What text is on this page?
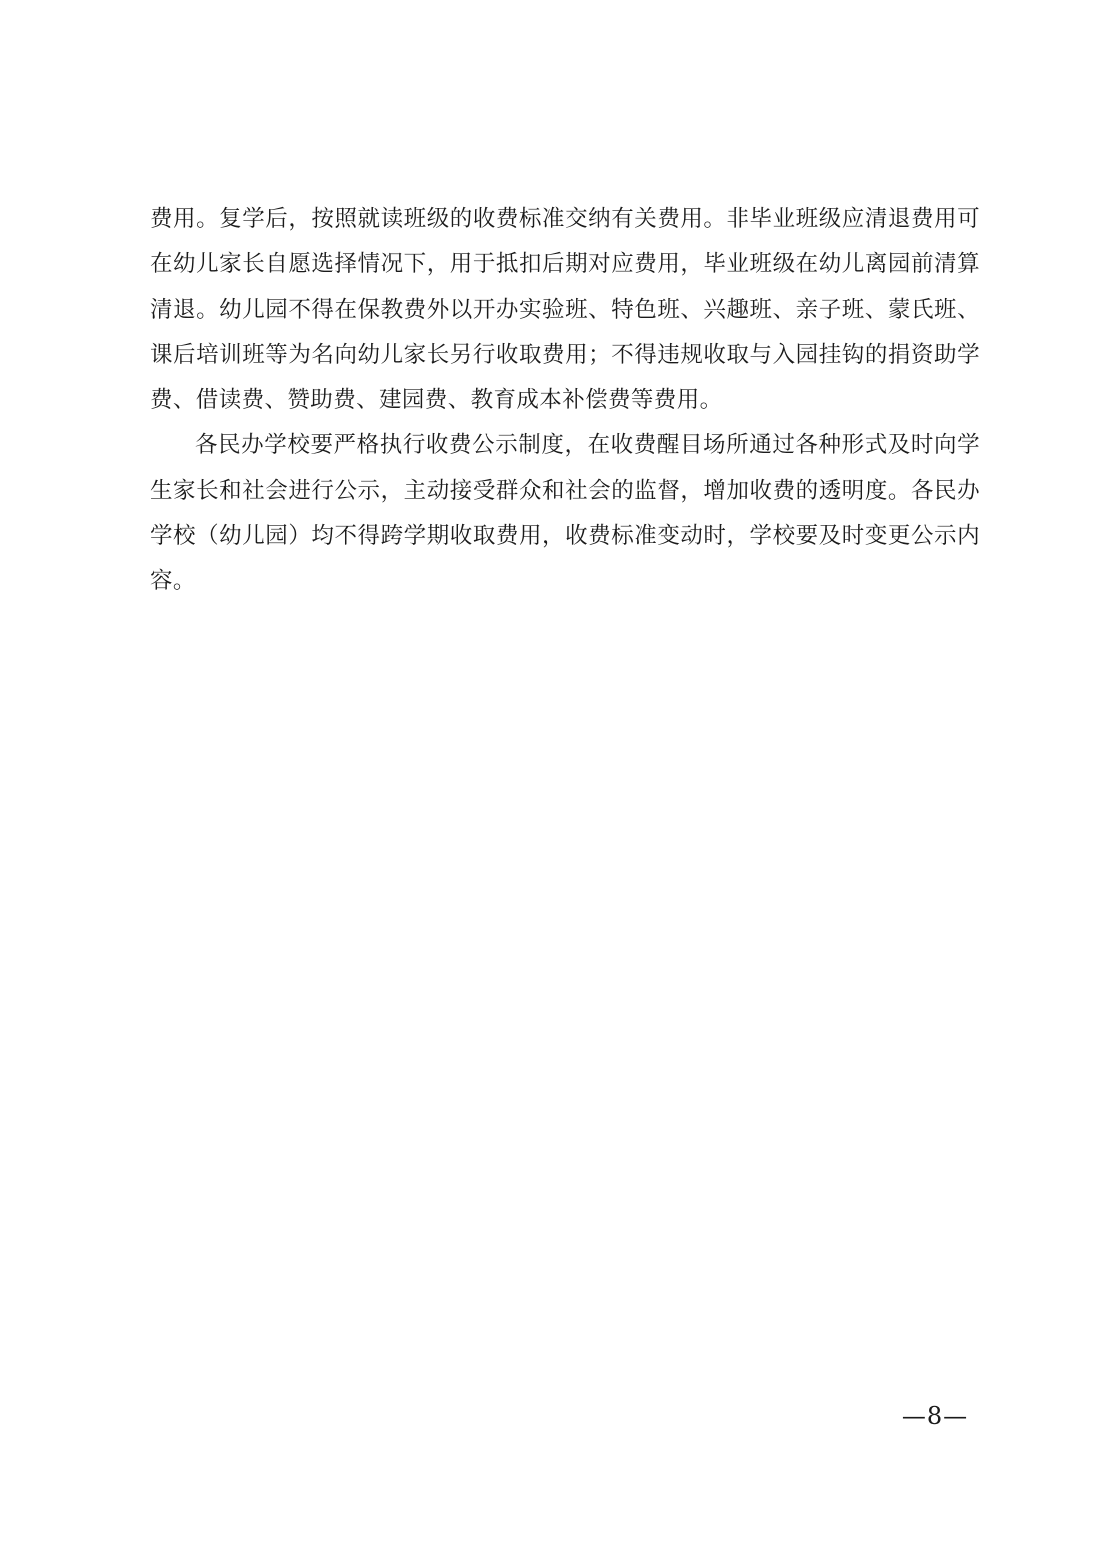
费用。复学后，按照就读班级的收费标准交纳有关费用。非毕业班级应清退费用可在幼儿家长自愿选择情况下，用于抵扣后期对应费用，毕业班级在幼儿离园前清算清退。幼儿园不得在保教费外以开办实验班、特色班、兴趣班、亲子班、蒙氏班、课后培训班等为名向幼儿家长另行收取费用；不得违规收取与入园挂钩的捐资助学费、借读费、赞助费、建园费、教育成本补偿费等费用。

各民办学校要严格执行收费公示制度，在收费醒目场所通过各种形式及时向学生家长和社会进行公示，主动接受群众和社会的监督，增加收费的透明度。各民办学校（幼儿园）均不得跨学期收取费用，收费标准变动时，学校要及时变更公示内容。

—8—
